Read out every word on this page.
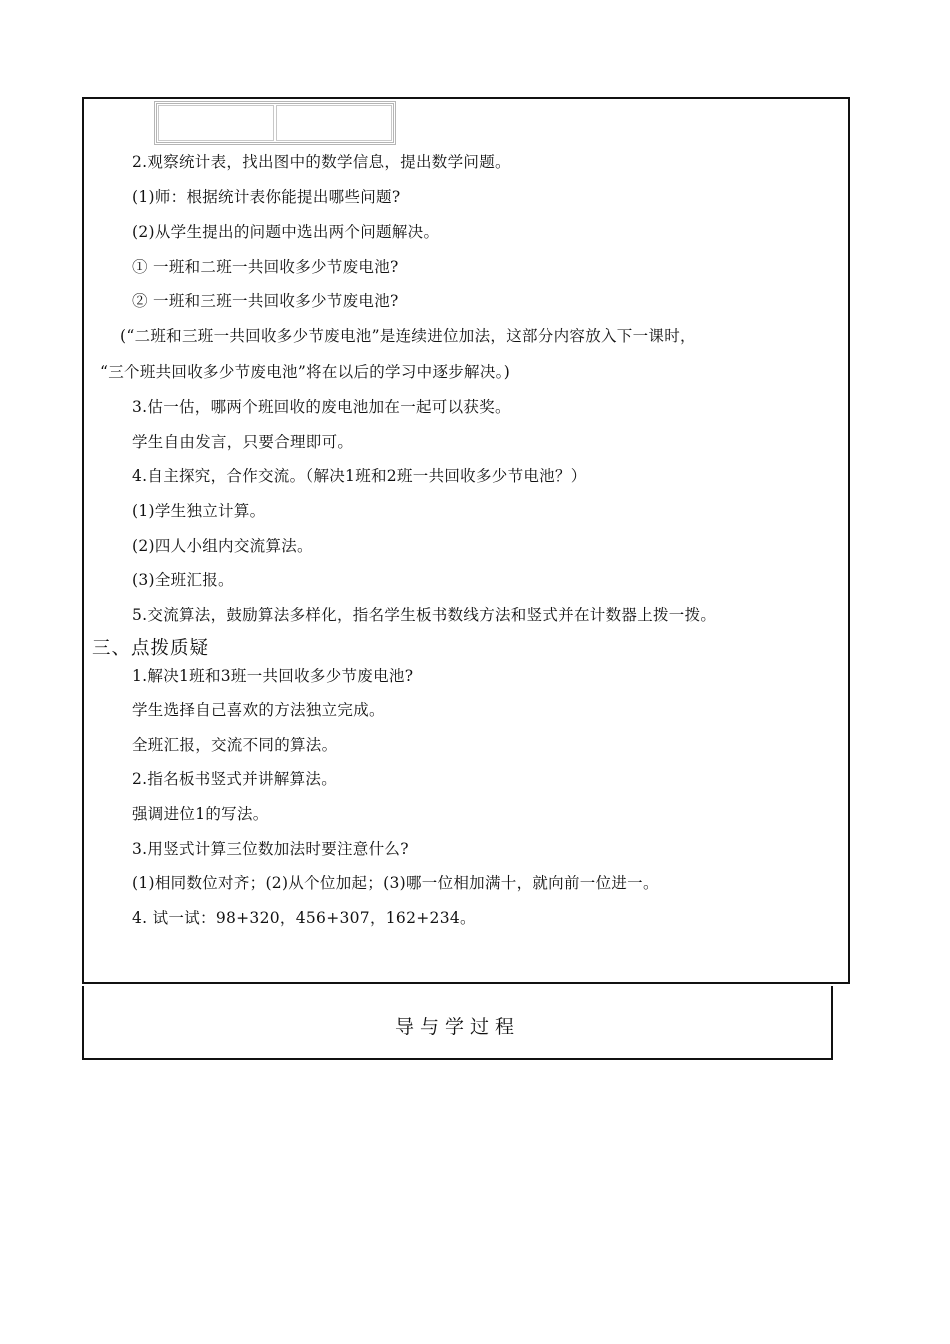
2.观察统计表，找出图中的数学信息，提出数学问题。
(1)师：根据统计表你能提出哪些问题?
(2)从学生提出的问题中选出两个问题解决。
① 一班和二班一共回收多少节废电池?
② 一班和三班一共回收多少节废电池?
(“二班和三班一共回收多少节废电池”是连续进位加法，这部分内容放入下一课时，
“三个班共回收多少节废电池”将在以后的学习中逐步解决。)
3.估一估，哪两个班回收的废电池加在一起可以获奖。
学生自由发言，只要合理即可。
4.自主探究，合作交流。（解决1班和2班一共回收多少节电池？）
(1)学生独立计算。
(2)四人小组内交流算法。
(3)全班汇报。
5.交流算法，鼓励算法多样化，指名学生板书数线方法和竖式并在计数器上拨一拨。
三、点拨质疑
1.解决1班和3班一共回收多少节废电池?
学生选择自己喜欢的方法独立完成。
全班汇报，交流不同的算法。
2.指名板书竖式并讲解算法。
强调进位1的写法。
3.用竖式计算三位数加法时要注意什么?
(1)相同数位对齐；(2)从个位加起；(3)哪一位相加满十，就向前一位进一。
4. 试一试：98+320，456+307，162+234。
导与学过程
